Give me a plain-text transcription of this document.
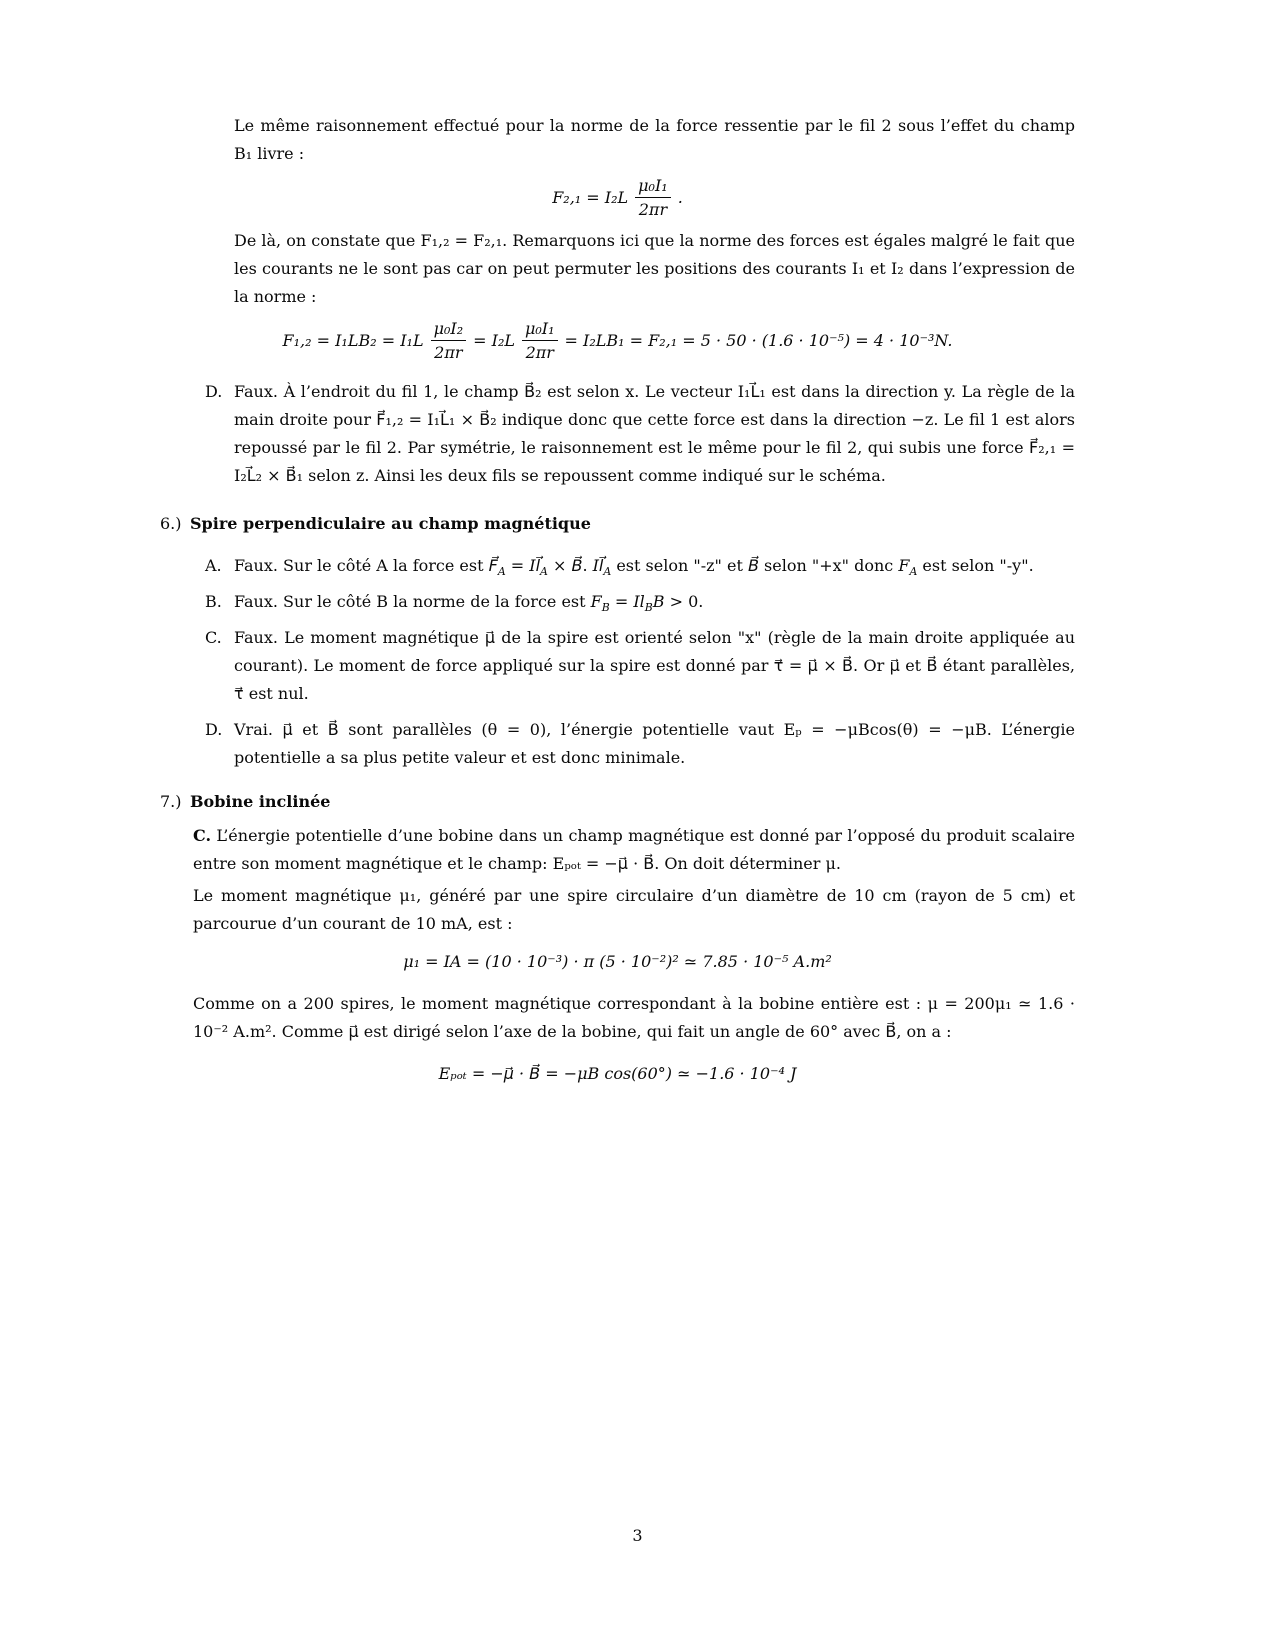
Le même raisonnement effectué pour la norme de la force ressentie par le fil 2 sous l’effet du champ B₁ livre :

$F_2,_1 = I_2L \frac{\text{μ₀I₁}}{2\pi r}$ .

De là, on constate que F₁,₂ = F₂,₁. Remarquons ici que la norme des forces est égales malgré le fait que les courants ne le sont pas car on peut permuter les positions des courants I₁ et I₂ dans l’expression de la norme :

$F_1,_2 = I_1LB_2 = I_1L \frac{\text{μ₀I₂}}{2\pi r} = I_2L \frac{\text{μ₀I₁}}{2\pi r} = I_2LB_1 = F_2,_1 = 5 \cdot 50 \cdot (1.6 \cdot 10^{-5}) = 4 \cdot 10^{-3}N$.
D. Faux. À l’endroit du fil 1, le champ B⃗₂ est selon x. Le vecteur I₁L⃗₁ est dans la direction y. La règle de la main droite pour F⃗₁,₂ = I₁L⃗₁ × B⃗₂ indique donc que cette force est dans la direction −z. Le fil 1 est alors repoussé par le fil 2. Par symétrie, le raisonnement est le même pour le fil 2, qui subis une force F⃗₂,₁ = I₂L⃗₂ × B⃗₁ selon z. Ainsi les deux fils se repoussent comme indiqué sur le schéma.

6.) Spire perpendiculaire au champ magnétique
A. Faux. Sur le côté A la force est $F⃗_A$ = $Il⃗_A$ × B⃗. $Il⃗_A$ est selon "-z" et B⃗ selon "+x" donc $F_A$ est selon "-y".

B. Faux. Sur le côté B la norme de la force est $F_B = Il_BB > 0$.

C. Faux. Le moment magnétique μ⃗ de la spire est orienté selon "x" (règle de la main droite appliquée au courant). Le moment de force appliqué sur la spire est donné par τ⃗ = μ⃗ × B⃗. Or μ⃗ et B⃗ étant parallèles, τ⃗ est nul.

D. Vrai. μ⃗ et B⃗ sont parallèles (θ = 0), l’énergie potentielle vaut Eₚ = −μBcos(θ) = −μB. L’énergie potentielle a sa plus petite valeur et est donc minimale.

7.) Bobine inclinée

C. L’énergie potentielle d’une bobine dans un champ magnétique est donné par l’opposé du produit scalaire entre son moment magnétique et le champ: Eₚₒₜ = −μ⃗ · B⃗. On doit déterminer μ.

Le moment magnétique μ₁, généré par une spire circulaire d’un diamètre de 10 cm (rayon de 5 cm) et parcourue d’un courant de 10 mA, est :

μ₁ = IA = (10 · 10⁻³) · π (5 · 10⁻²)² ≃ 7.85 · 10⁻⁵ A.m²

Comme on a 200 spires, le moment magnétique correspondant à la bobine entière est : μ = 200μ₁ ≃ 1.6 · 10⁻² A.m². Comme μ⃗ est dirigé selon l’axe de la bobine, qui fait un angle de 60° avec B⃗, on a :

Eₚₒₜ = −μ⃗ · B⃗ = −μB cos(60°) ≃ −1.6 · 10⁻⁴ J
3
